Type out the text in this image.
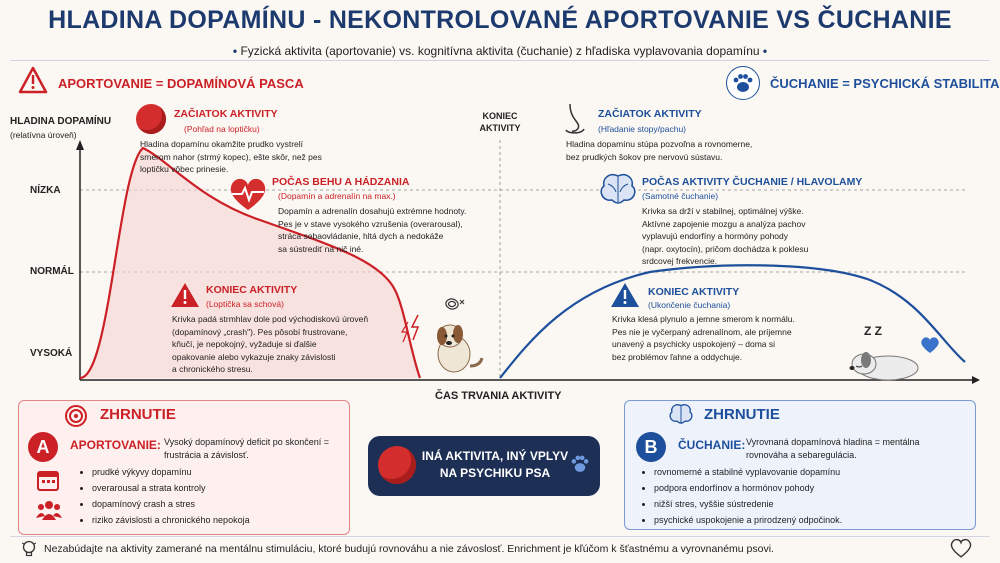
HLADINA DOPAMÍNU - NEKONTROLOVANÉ APORTOVANIE VS ČUCHANIE
• Fyzická aktivita (aportovanie) vs. kognitívna aktivita (čuchanie) z hľadiska vyplavovania dopamínu •
APORTOVANIE = DOPAMÍNOVÁ PASCA	ČUCHANIE = PSYCHICKÁ STABILITA
HLADINA DOPAMÍNU
(relatívna úroveň)
NÍZKA
NORMÁL
VYSOKÁ
KONIEC
AKTIVITY
ČAS TRVANIA AKTIVITY
ZAČIATOK AKTIVITY
(Pohľad na loptičku)
Hladina dopamínu okamžite prudko vystrelí
smerom nahor (strmý kopec), ešte skôr, než pes
loptičku vôbec prinesie.
POČAS BEHU A HÁDZANIA
(Dopamín a adrenalín na max.)
Dopamín a adrenalín dosahujú extrémne hodnoty.
Pes je v stave vysokého vzrušenia (overarousal),
stráca sebaovládanie, hltá dych a nedokáže
sa sústrediť na nič iné.
KONIEC AKTIVITY
(Loptička sa schová)
Krivka padá strmhlav dole pod východiskovú úroveň
(dopamínový „crash"). Pes pôsobí frustrovane,
kňučí, je nepokojný, vyžaduje si ďalšie
opakovanie alebo vykazuje znaky závislosti
a chronického stresu.
ZAČIATOK AKTIVITY
(Hľadanie stopy/pachu)
Hladina dopamínu stúpa pozvoľna a rovnomerne,
bez prudkých šokov pre nervovú sústavu.
POČAS AKTIVITY ČUCHANIE / HLAVOLAMY
(Samotné čuchanie)
Krivka sa drží v stabilnej, optimálnej výške.
Aktívne zapojenie mozgu a analýza pachov
vyplavujú endorfíny a hormóny pohody
(napr. oxytocín), pričom dochádza k poklesu
srdcovej frekvencie.
KONIEC AKTIVITY
(Ukončenie čuchania)
Krivka klesá plynulo a jemne smerom k normálu.
Pes nie je vyčerpaný adrenalínom, ale príjemne
unavený a psychicky uspokojený – doma si
bez problémov ľahne a oddychuje.
Z Z
ZHRNUTIE
A	APORTOVANIE: Vysoký dopamínový deficit po skončení =
frustrácia a závislosť.
• prudké výkyvy dopamínu
• overarousal a strata kontroly
• dopamínový crash a stres
• riziko závislosti a chronického nepokoja
INÁ AKTIVITA, INÝ VPLYV
NA PSYCHIKU PSA
ZHRNUTIE
B	ČUCHANIE: Vyrovnaná dopamínová hladina = mentálna
rovnováha a sebaregulácia.
• rovnomerné a stabilné vyplavovanie dopamínu
• podpora endorfínov a hormónov pohody
• nižší stres, vyššie sústredenie
• psychické uspokojenie a prirodzený odpočinok.
Nezabúdajte na aktivity zamerané na mentálnu stimuláciu, ktoré budujú rovnováhu a nie závoslosť. Enrichment je kľúčom k šťastnému a vyrovnanému psovi.
